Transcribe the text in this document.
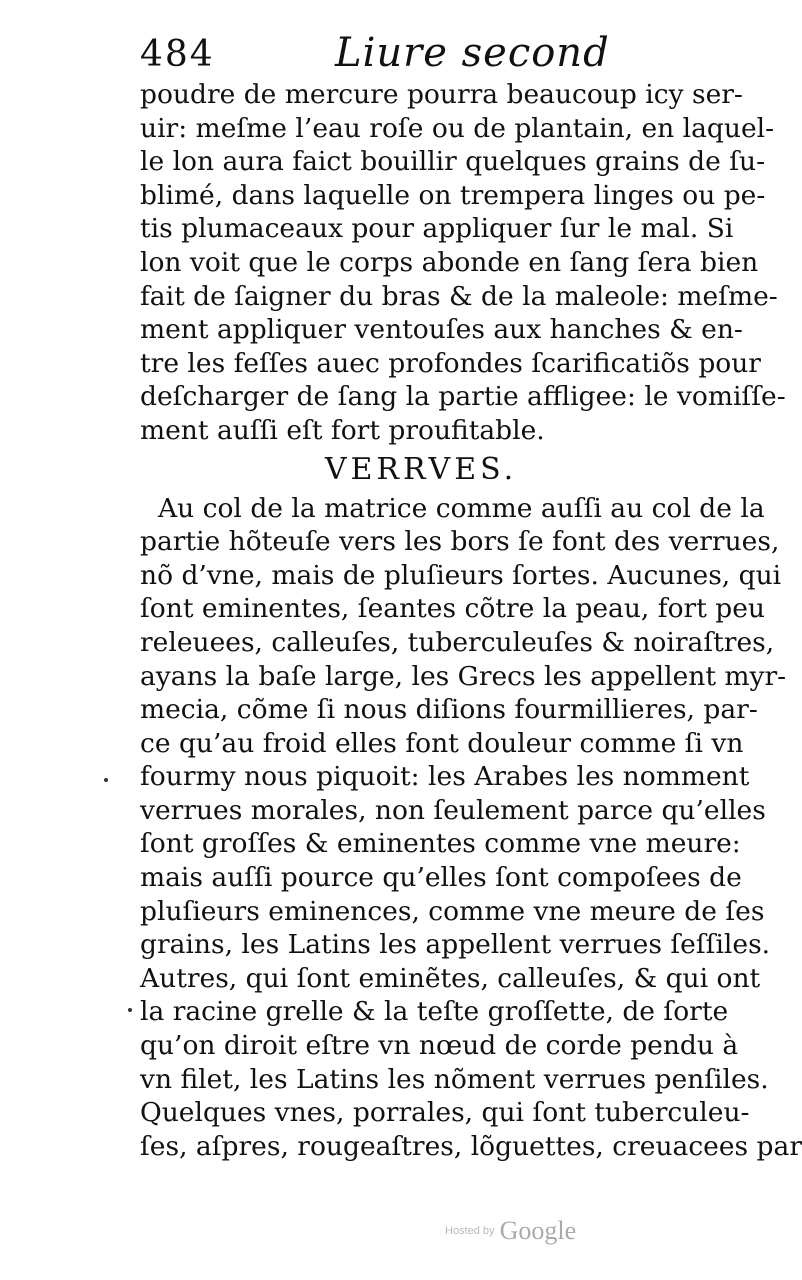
484	Liure second
poudre de mercure pourra beaucoup icy ser-
uir: meſme l’eau roſe ou de plantain, en laquel-
le lon aura faict bouillir quelques grains de ſu-
blimé, dans laquelle on trempera linges ou pe-
tis plumaceaux pour appliquer ſur le mal. Si
lon voit que le corps abonde en ſang ſera bien
fait de ſaigner du bras & de la maleole: meſme-
ment appliquer ventouſes aux hanches & en-
tre les feſſes auec profondes ſcarificatiõs pour
deſcharger de ſang la partie affligee: le vomiſſe-
ment auſſi eſt fort proufitable.
VERRVES.
Au col de la matrice comme auſſi au col de la
partie hõteuſe vers les bors ſe font des verrues,
nõ d’vne, mais de pluſieurs ſortes. Aucunes, qui
ſont eminentes, ſeantes cõtre la peau, fort peu
releuees, calleuſes, tuberculeuſes & noiraſtres,
ayans la baſe large, les Grecs les appellent myr-
mecia, cõme ſi nous diſions fourmillieres, par-
ce qu’au froid elles font douleur comme ſi vn
fourmy nous piquoit: les Arabes les nomment
verrues morales, non ſeulement parce qu’elles
ſont groſſes & eminentes comme vne meure:
mais auſſi pource qu’elles ſont compoſees de
pluſieurs eminences, comme vne meure de ſes
grains, les Latins les appellent verrues ſeſſiles.
Autres, qui ſont eminẽtes, calleuſes, & qui ont
la racine grelle & la teſte groſſette, de ſorte
qu’on diroit eſtre vn nœud de corde pendu à
vn filet, les Latins les nõment verrues penſiles.
Quelques vnes, porrales, qui ſont tuberculeu-
ſes, aſpres, rougeaſtres, lõguettes, creuacees par
Hosted by Google
